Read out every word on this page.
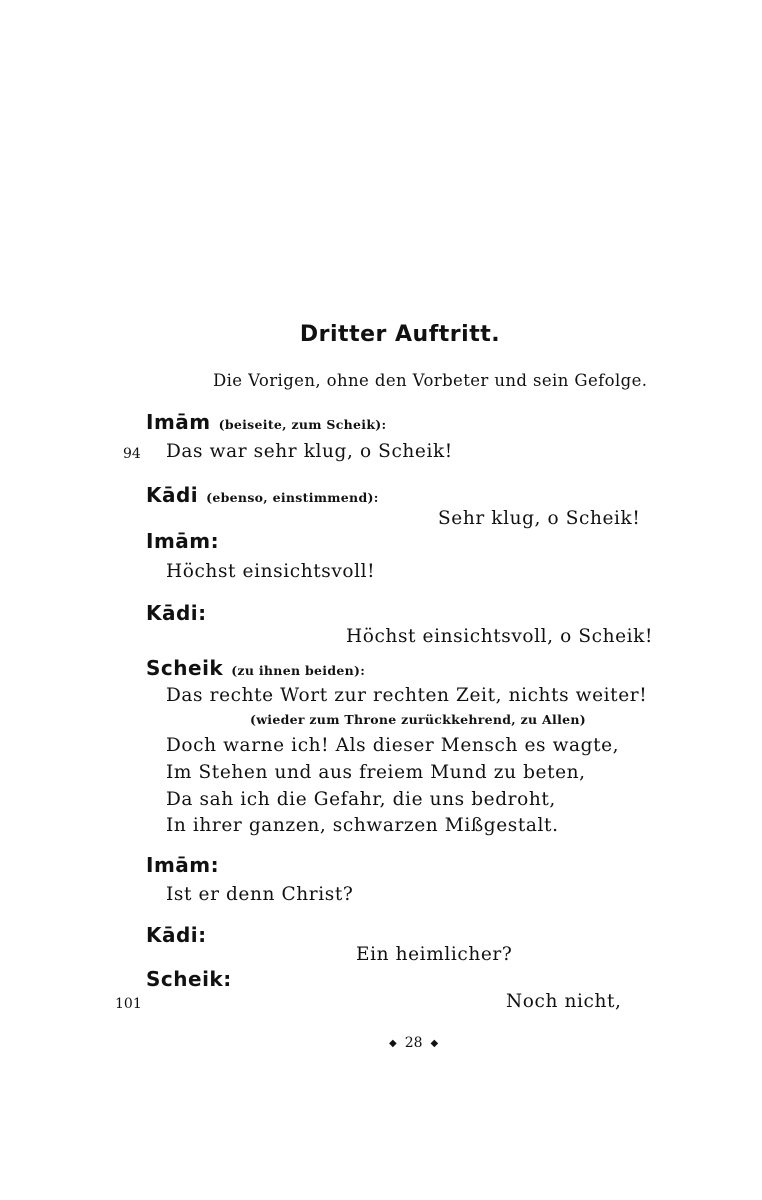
Dritter Auftritt.
Die Vorigen, ohne den Vorbeter und sein Gefolge.
Imām (beiseite, zum Scheik):
94 Das war sehr klug, o Scheik!
Kādi (ebenso, einstimmend):
Sehr klug, o Scheik!
Imām:
Höchst einsichtsvoll!
Kādi:
Höchst einsichtsvoll, o Scheik!
Scheik (zu ihnen beiden):
Das rechte Wort zur rechten Zeit, nichts weiter!
(wieder zum Throne zurückkehrend, zu Allen)
Doch warne ich! Als dieser Mensch es wagte,
Im Stehen und aus freiem Mund zu beten,
Da sah ich die Gefahr, die uns bedroht,
In ihrer ganzen, schwarzen Mißgestalt.
Imām:
Ist er denn Christ?
Kādi:
Ein heimlicher?
Scheik:
101	Noch nicht,
◆ 28 ◆
